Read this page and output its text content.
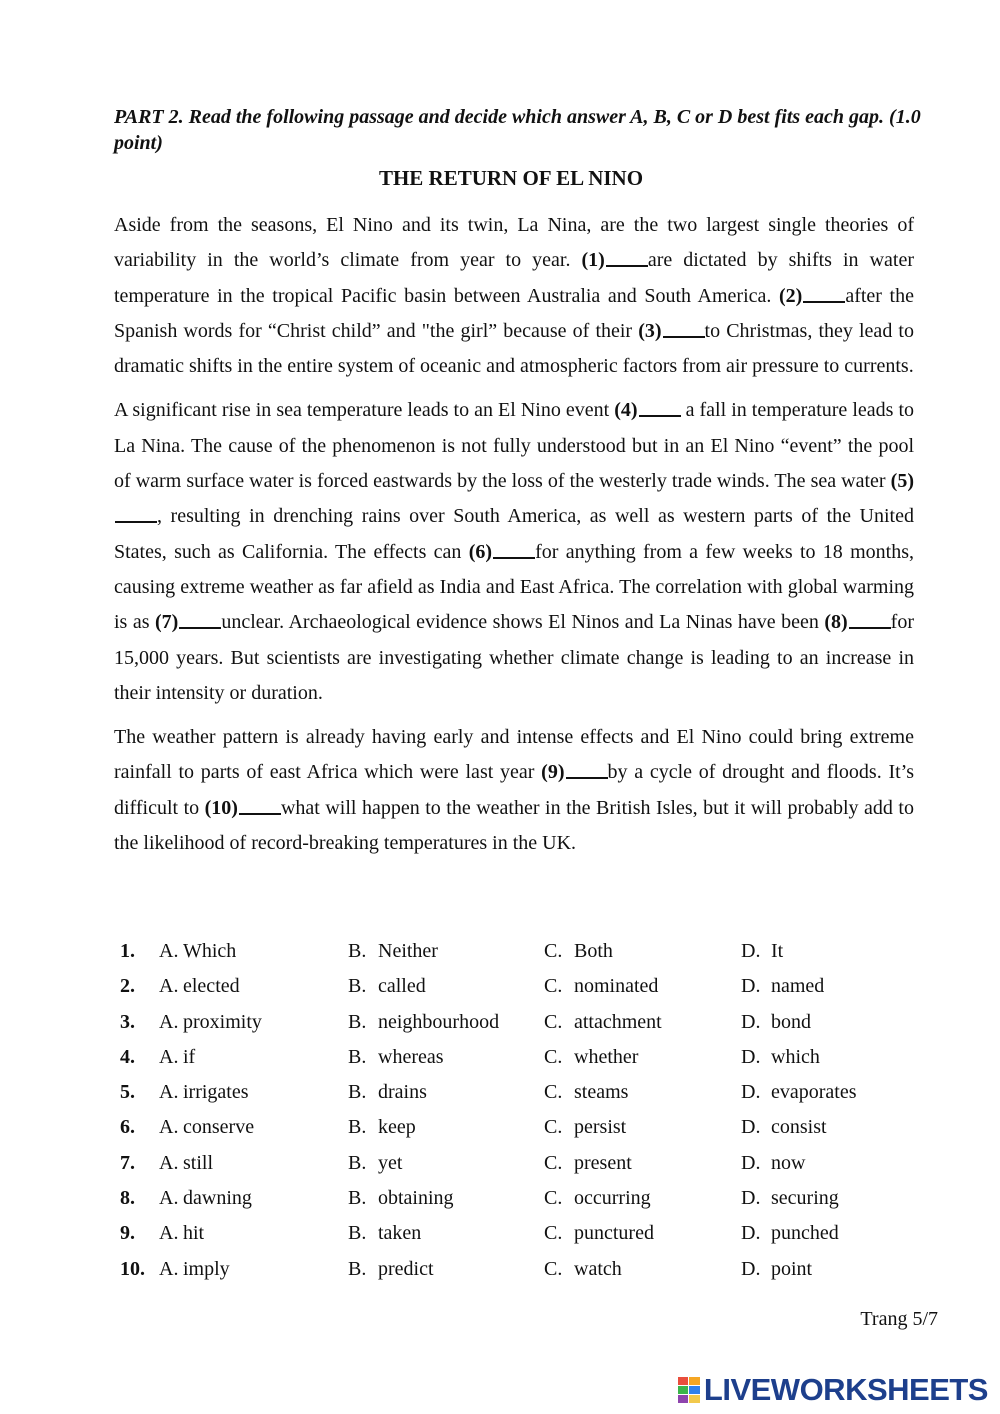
PART 2. Read the following passage and decide which answer A, B, C or D best fits each gap. (1.0 point)
THE RETURN OF EL NINO

Aside from the seasons, El Nino and its twin, La Nina, are the two largest single theories of variability in the world’s climate from year to year. (1) are dictated by shifts in water temperature in the tropical Pacific basin between Australia and South America. (2) after the Spanish words for “Christ child” and "the girl” because of their (3) to Christmas, they lead to dramatic shifts in the entire system of oceanic and atmospheric factors from air pressure to currents.

A significant rise in sea temperature leads to an El Nino event (4) a fall in temperature leads to La Nina. The cause of the phenomenon is not fully understood but in an El Nino “event” the pool of warm surface water is forced eastwards by the loss of the westerly trade winds. The sea water (5), resulting in drenching rains over South America, as well as western parts of the United States, such as California. The effects can (6) for anything from a few weeks to 18 months, causing extreme weather as far afield as India and East Africa. The correlation with global warming is as (7) unclear. Archaeological evidence shows El Ninos and La Ninas have been (8) for 15,000 years. But scientists are investigating whether climate change is leading to an increase in their intensity or duration.

The weather pattern is already having early and intense effects and El Nino could bring extreme rainfall to parts of east Africa which were last year (9) by a cycle of drought and floods. It’s difficult to (10) what will happen to the weather in the British Isles, but it will probably add to the likelihood of record-breaking temperatures in the UK.

1.	A. Which	B. Neither	C. Both	D. It
2.	A. elected	B. called	C. nominated	D. named
3.	A. proximity	B. neighbourhood C. attachment	D. bond
4.	A. if	B. whereas	C. whether	D. which
5.	A. irrigates	B. drains	C. steams	D. evaporates
6.	A. conserve	B. keep	C. persist	D. consist
7.	A. still	B. yet	C. present	D. now
8.	A. dawning	B. obtaining	C. occurring	D. securing
9.	A. hit	B. taken	C. punctured	D. punched
10. A. imply	B. predict	C. watch	D. point
Trang 5/7
LIVEWORKSHEETS
